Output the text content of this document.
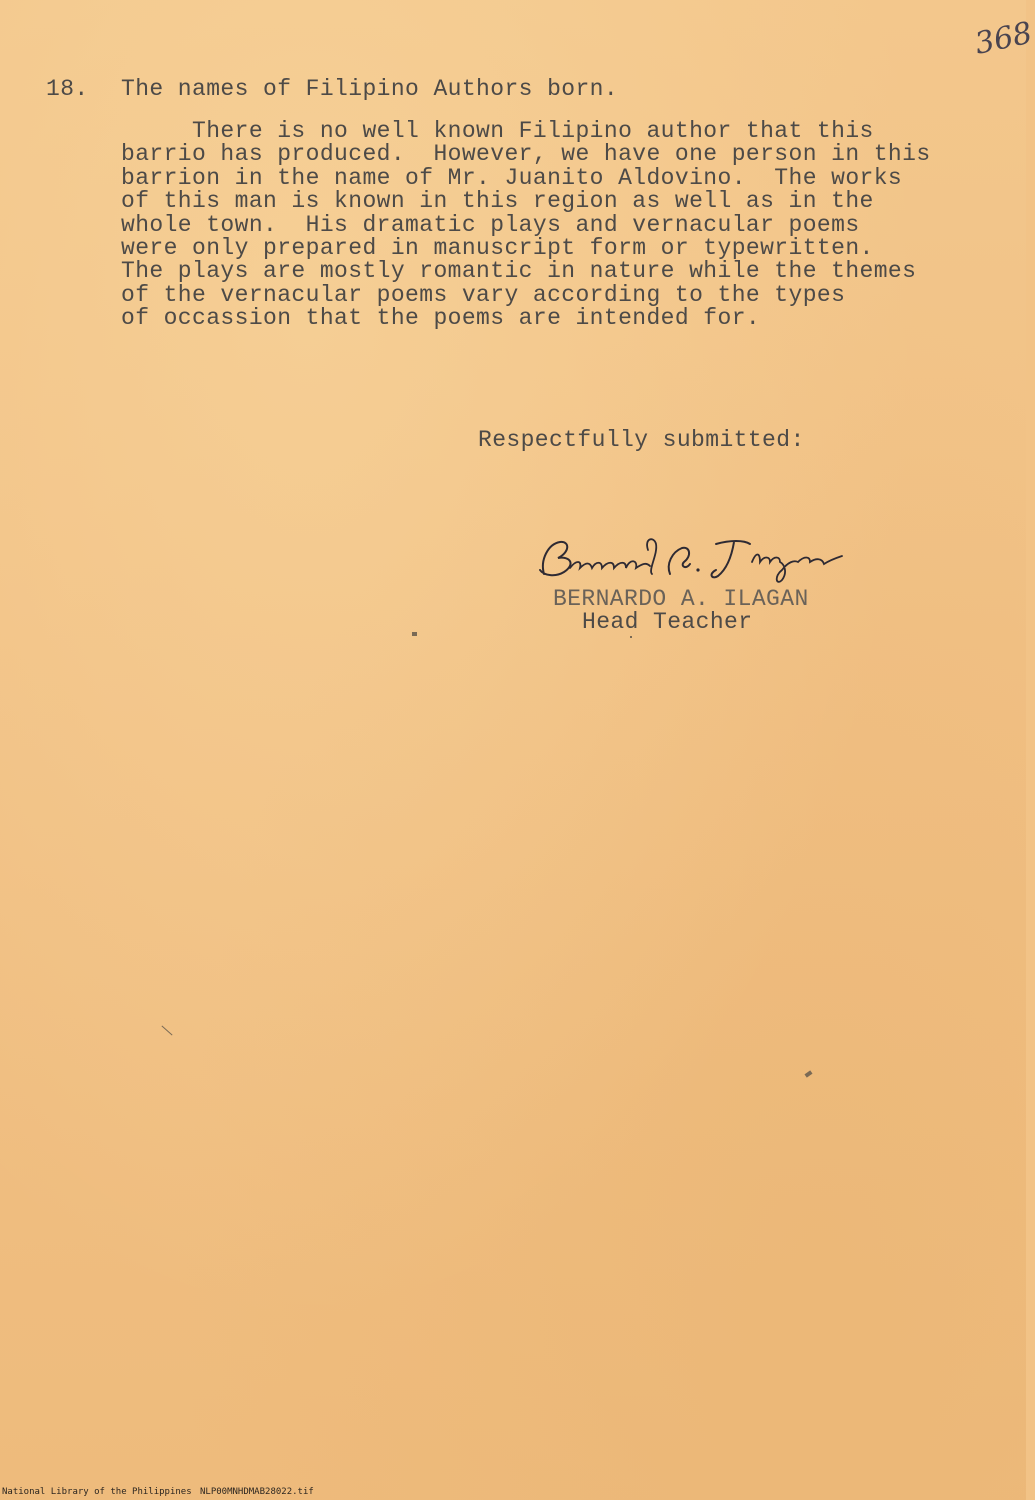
368
18. The names of Filipino Authors born.
There is no well known Filipino author that this
barrio has produced.  However, we have one person in this
barrion in the name of Mr. Juanito Aldovino.  The works
of this man is known in this region as well as in the
whole town.  His dramatic plays and vernacular poems
were only prepared in manuscript form or typewritten.
The plays are mostly romantic in nature while the themes
of the vernacular poems vary according to the types
of occassion that the poems are intended for.
Respectfully submitted:
BERNARDO A. ILAGAN
Head Teacher
National Library of the Philippines NLP00MNHDMAB28022.tif
